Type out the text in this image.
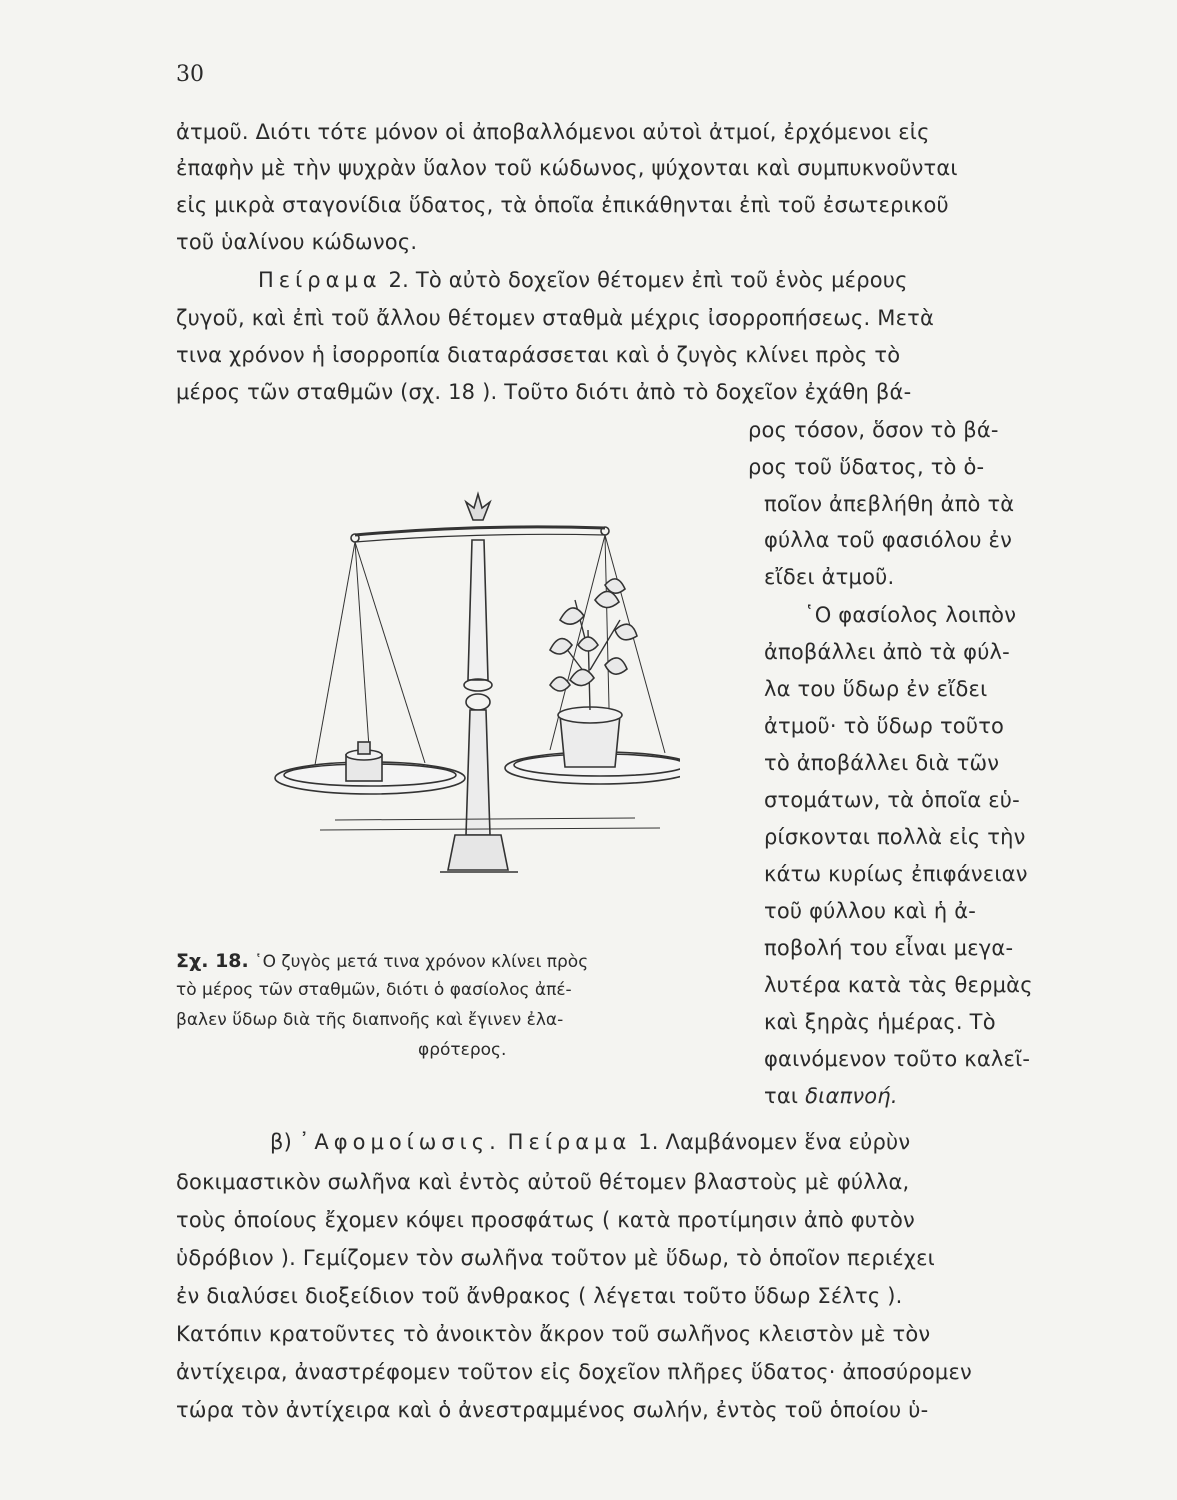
30
ἀτμοῦ. Διότι τότε μόνον οἱ ἀποβαλλόμενοι αὐτοὶ ἀτμοί, ἐρχόμενοι εἰς
ἐπαφὴν μὲ τὴν ψυχρὰν ὕαλον τοῦ κώδωνος, ψύχονται καὶ συμπυκνοῦνται
εἰς μικρὰ σταγονίδια ὕδατος, τὰ ὁποῖα ἐπικάθηνται ἐπὶ τοῦ ἐσωτερικοῦ
τοῦ ὑαλίνου κώδωνος.
Πείραμα 2. Τὸ αὐτὸ δοχεῖον θέτομεν ἐπὶ τοῦ ἑνὸς μέρους
ζυγοῦ, καὶ ἐπὶ τοῦ ἄλλου θέτομεν σταθμὰ μέχρις ἰσορροπήσεως. Μετὰ
τινα χρόνον ἡ ἰσορροπία διαταράσσεται καὶ ὁ ζυγὸς κλίνει πρὸς τὸ
μέρος τῶν σταθμῶν (σχ. 18 ). Τοῦτο διότι ἀπὸ τὸ δοχεῖον ἐχάθη βά-
ρος τόσον, ὅσον τὸ βά-
ρος τοῦ ὕδατος, τὸ ὁ-
ποῖον ἀπεβλήθη ἀπὸ τὰ
φύλλα τοῦ φασιόλου ἐν
εἴδει ἀτμοῦ.
῾Ο φασίολος λοιπὸν
ἀποβάλλει ἀπὸ τὰ φύλ-
λα του ὕδωρ ἐν εἴδει
ἀτμοῦ· τὸ ὕδωρ τοῦτο
τὸ ἀποβάλλει διὰ τῶν
στομάτων, τὰ ὁποῖα εὑ-
ρίσκονται πολλὰ εἰς τὴν
κάτω κυρίως ἐπιφάνειαν
τοῦ φύλλου καὶ ἡ ἀ-
ποβολή του εἶναι μεγα-
λυτέρα κατὰ τὰς θερμὰς
καὶ ξηρὰς ἡμέρας. Τὸ
φαινόμενον τοῦτο καλεῖ-
ται διαπνοή.
Σχ. 18. ῾Ο ζυγὸς μετά τινα χρόνον κλίνει πρὸς
τὸ μέρος τῶν σταθμῶν, διότι ὁ φασίολος ἀπέ-
βαλεν ὕδωρ διὰ τῆς διαπνοῆς καὶ ἔγινεν ἐλα-
φρότερος.
β) ᾿Αφομοίωσις. Πείραμα 1. Λαμβάνομεν ἕνα εὐρὺν
δοκιμαστικὸν σωλῆνα καὶ ἐντὸς αὐτοῦ θέτομεν βλαστοὺς μὲ φύλλα,
τοὺς ὁποίους ἔχομεν κόψει προσφάτως ( κατὰ προτίμησιν ἀπὸ φυτὸν
ὑδρόβιον ). Γεμίζομεν τὸν σωλῆνα τοῦτον μὲ ὕδωρ, τὸ ὁποῖον περιέχει
ἐν διαλύσει διοξείδιον τοῦ ἄνθρακος ( λέγεται τοῦτο ὕδωρ Σέλτς ).
Κατόπιν κρατοῦντες τὸ ἀνοικτὸν ἄκρον τοῦ σωλῆνος κλειστὸν μὲ τὸν
ἀντίχειρα, ἀναστρέφομεν τοῦτον εἰς δοχεῖον πλῆρες ὕδατος· ἀποσύρομεν
τώρα τὸν ἀντίχειρα καὶ ὁ ἀνεστραμμένος σωλήν, ἐντὸς τοῦ ὁποίου ὑ-
